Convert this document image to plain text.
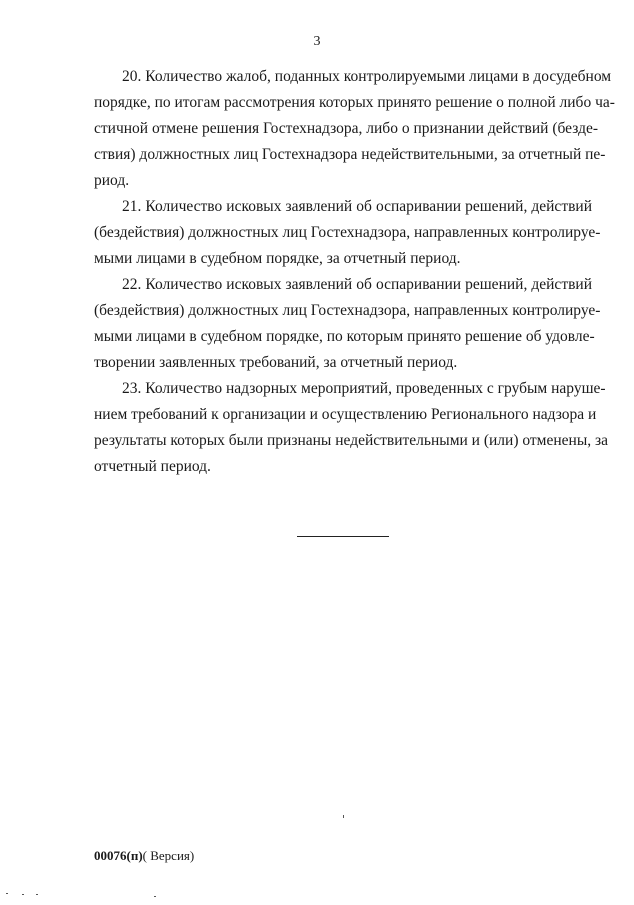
3

20. Количество жалоб, поданных контролируемыми лицами в досудебном
порядке, по итогам рассмотрения которых принято решение о полной либо ча-
стичной отмене решения Гостехнадзора, либо о признании действий (безде-
ствия) должностных лиц Гостехнадзора недействительными, за отчетный пе-
риод.

21. Количество исковых заявлений об оспаривании решений, действий
(бездействия) должностных лиц Гостехнадзора, направленных контролируе-
мыми лицами в судебном порядке, за отчетный период.

22. Количество исковых заявлений об оспаривании решений, действий
(бездействия) должностных лиц Гостехнадзора, направленных контролируе-
мыми лицами в судебном порядке, по которым принято решение об удовле-
творении заявленных требований, за отчетный период.

23. Количество надзорных мероприятий, проведенных с грубым наруше-
нием требований к организации и осуществлению Регионального надзора и
результаты которых были признаны недействительными и (или) отменены, за
отчетный период.

00076(п)( Версия)
